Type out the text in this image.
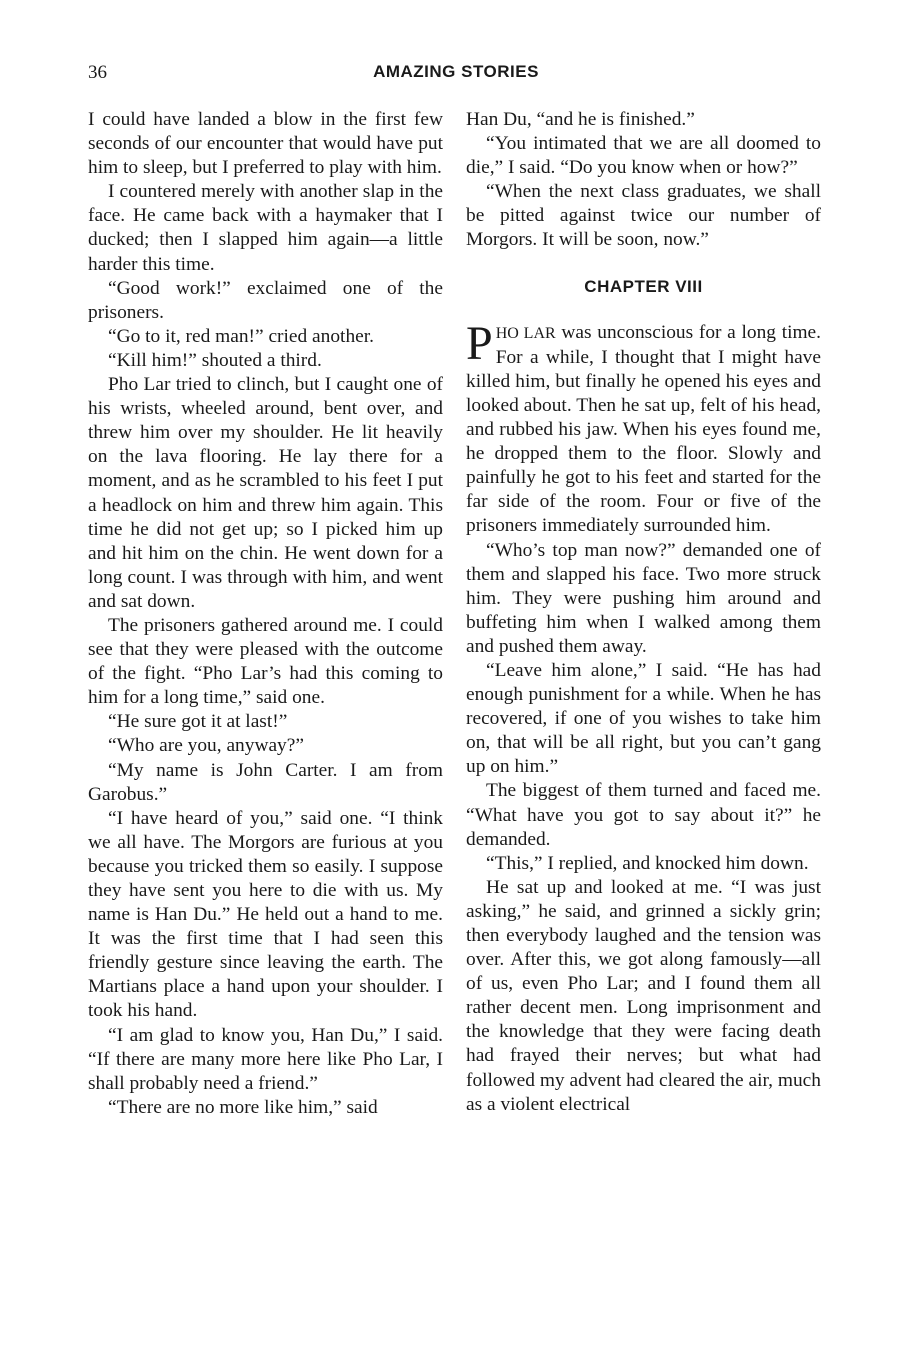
36	AMAZING STORIES

I could have landed a blow in the first few seconds of our encounter that would have put him to sleep, but I preferred to play with him.

I countered merely with another slap in the face. He came back with a haymaker that I ducked; then I slapped him again—a little harder this time.

“Good work!” exclaimed one of the prisoners.

“Go to it, red man!” cried another.

“Kill him!” shouted a third.

Pho Lar tried to clinch, but I caught one of his wrists, wheeled around, bent over, and threw him over my shoulder. He lit heavily on the lava flooring. He lay there for a moment, and as he scrambled to his feet I put a headlock on him and threw him again. This time he did not get up; so I picked him up and hit him on the chin. He went down for a long count. I was through with him, and went and sat down.

The prisoners gathered around me. I could see that they were pleased with the outcome of the fight. “Pho Lar’s had this coming to him for a long time,” said one.

“He sure got it at last!”

“Who are you, anyway?”

“My name is John Carter. I am from Garobus.”

“I have heard of you,” said one. “I think we all have. The Morgors are furious at you because you tricked them so easily. I suppose they have sent you here to die with us. My name is Han Du.” He held out a hand to me. It was the first time that I had seen this friendly gesture since leaving the earth. The Martians place a hand upon your shoulder. I took his hand.

“I am glad to know you, Han Du,” I said. “If there are many more here like Pho Lar, I shall probably need a friend.”

“There are no more like him,” said

Han Du, “and he is finished.”

“You intimated that we are all doomed to die,” I said. “Do you know when or how?”

“When the next class graduates, we shall be pitted against twice our number of Morgors. It will be soon, now.”

CHAPTER VIII

PHO LAR was unconscious for a long time. For a while, I thought that I might have killed him, but finally he opened his eyes and looked about. Then he sat up, felt of his head, and rubbed his jaw. When his eyes found me, he dropped them to the floor. Slowly and painfully he got to his feet and started for the far side of the room. Four or five of the prisoners immediately surrounded him.

“Who’s top man now?” demanded one of them and slapped his face. Two more struck him. They were pushing him around and buffeting him when I walked among them and pushed them away.

“Leave him alone,” I said. “He has had enough punishment for a while. When he has recovered, if one of you wishes to take him on, that will be all right, but you can’t gang up on him.”

The biggest of them turned and faced me. “What have you got to say about it?” he demanded.

“This,” I replied, and knocked him down.

He sat up and looked at me. “I was just asking,” he said, and grinned a sickly grin; then everybody laughed and the tension was over. After this, we got along famously—all of us, even Pho Lar; and I found them all rather decent men. Long imprisonment and the knowledge that they were facing death had frayed their nerves; but what had followed my advent had cleared the air, much as a violent electrical
